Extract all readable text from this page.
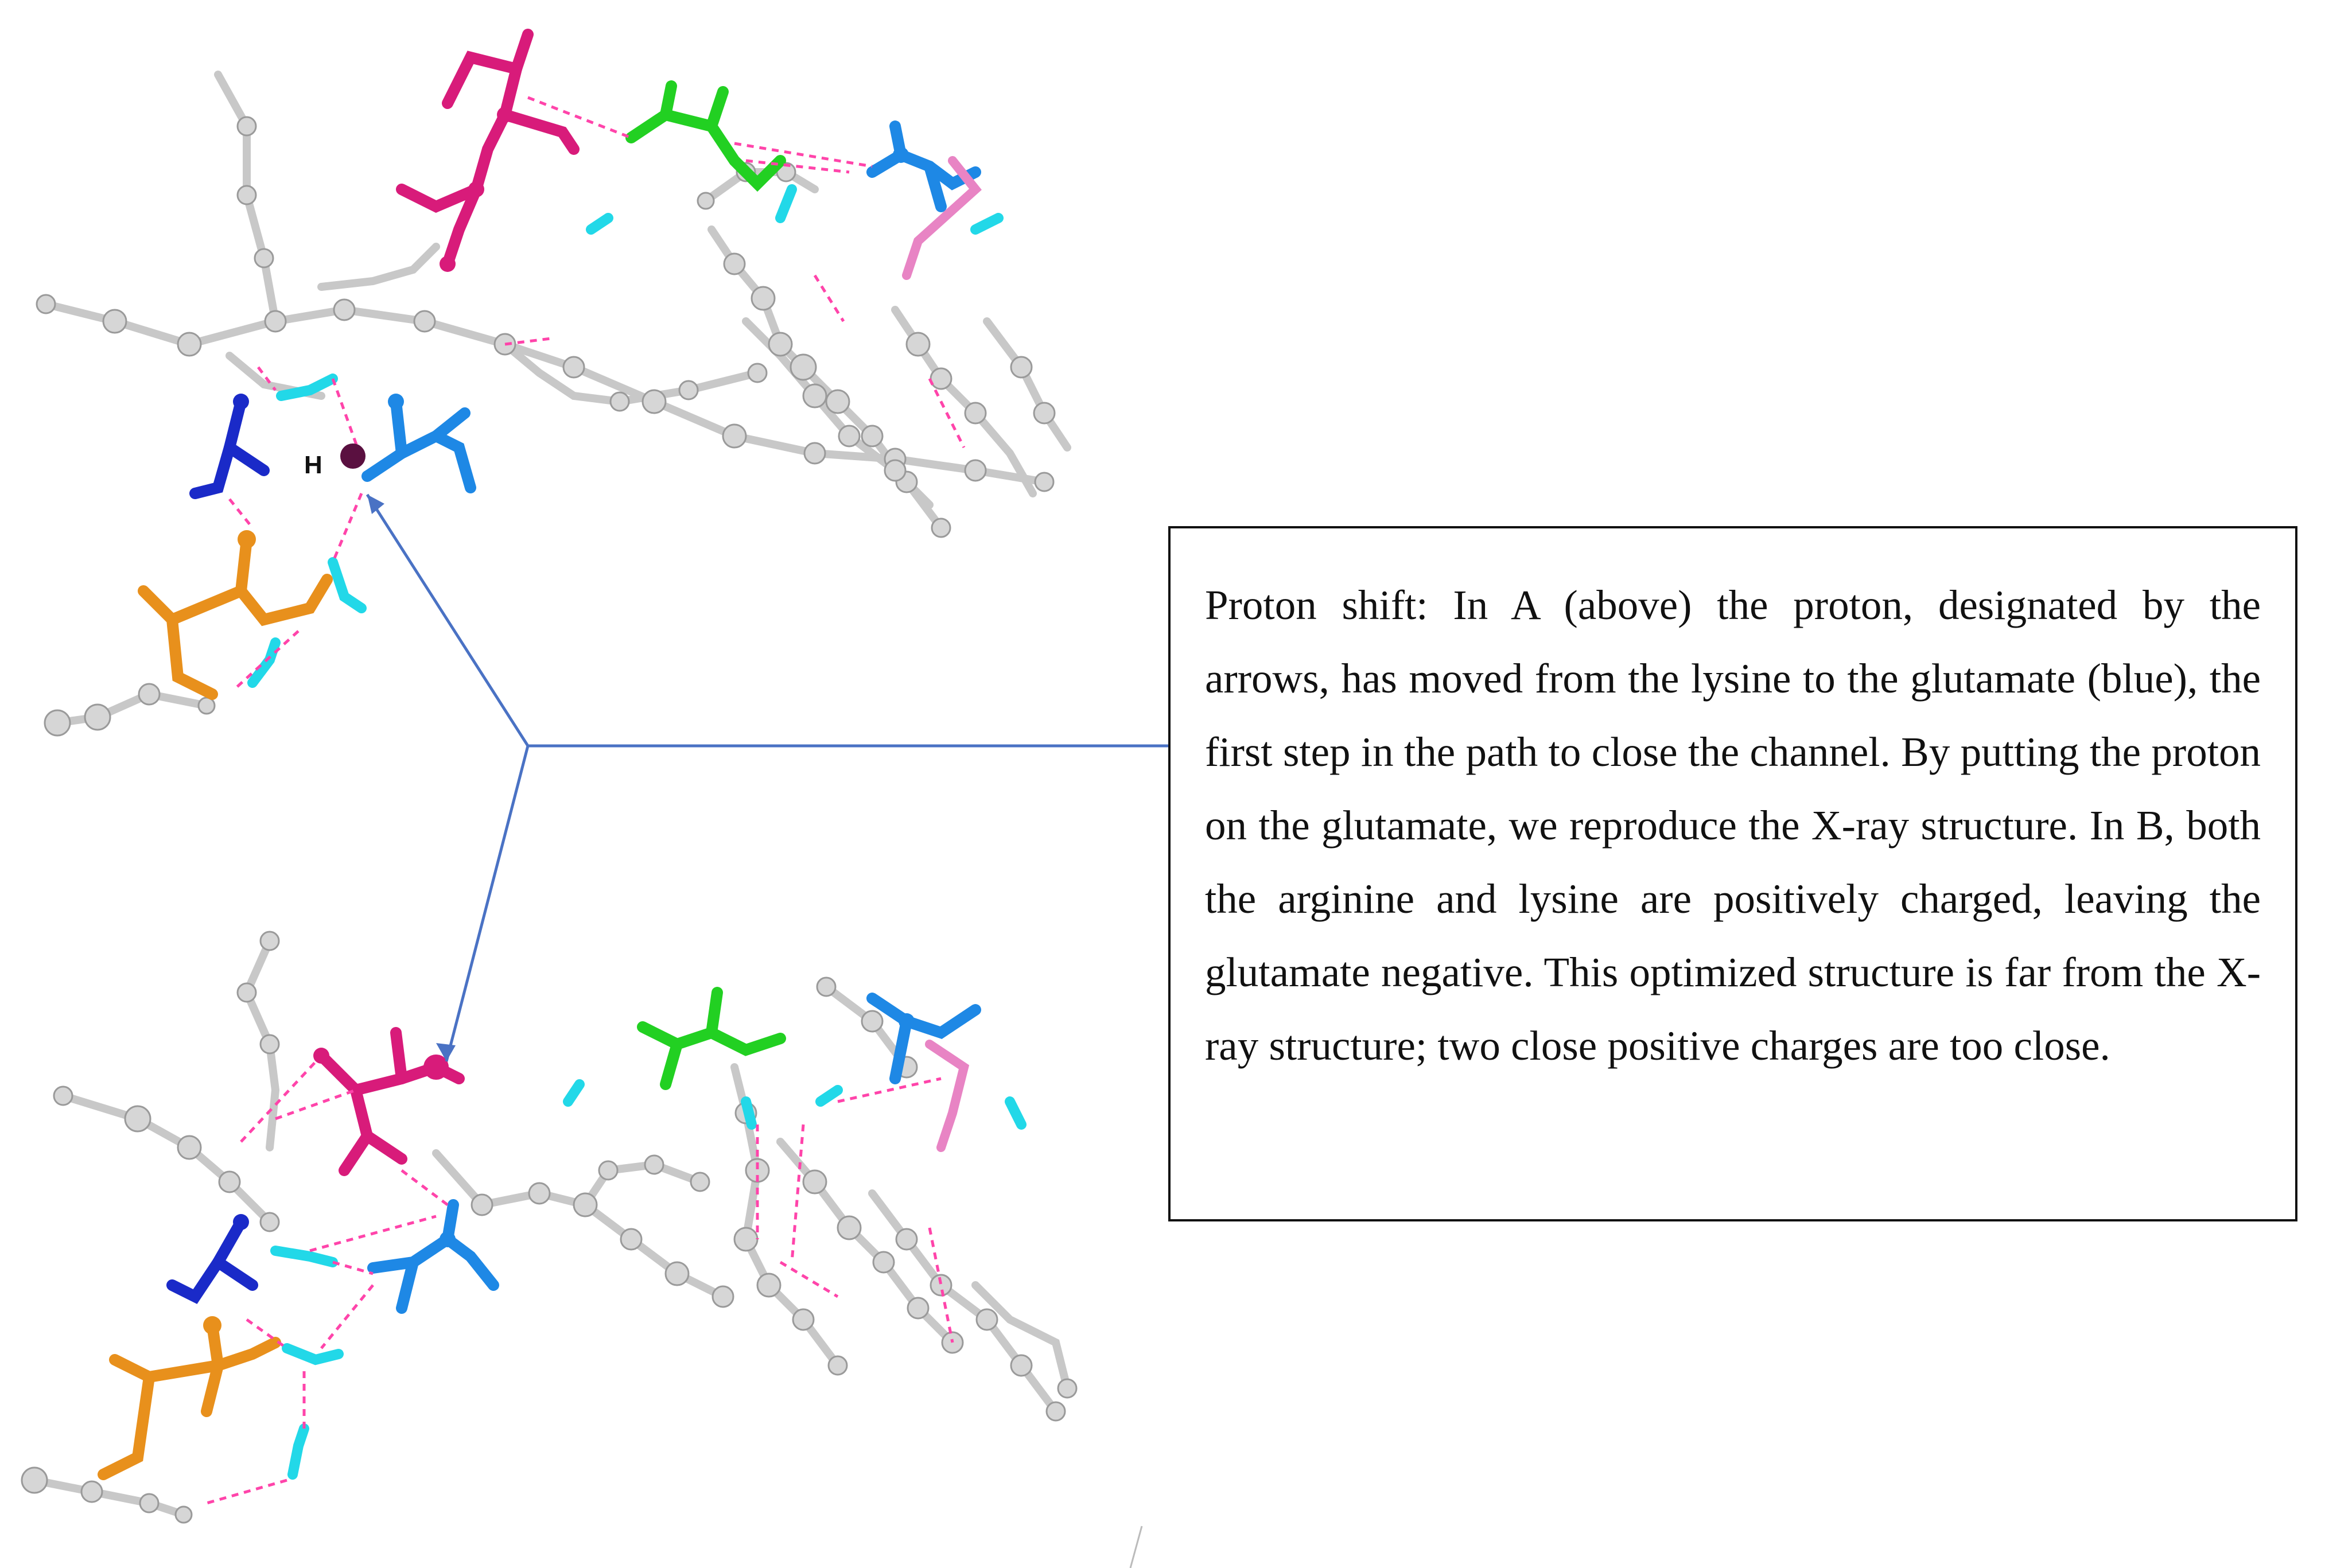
H

Proton shift: In A (above) the proton, designated by the arrows, has moved from the lysine to the glutamate (blue), the first step in the path to close the channel. By putting the proton on the glutamate, we reproduce the X-ray structure. In B, both the arginine and lysine are positively charged, leaving the glutamate negative. This optimized structure is far from the X-ray structure; two close positive charges are too close.
